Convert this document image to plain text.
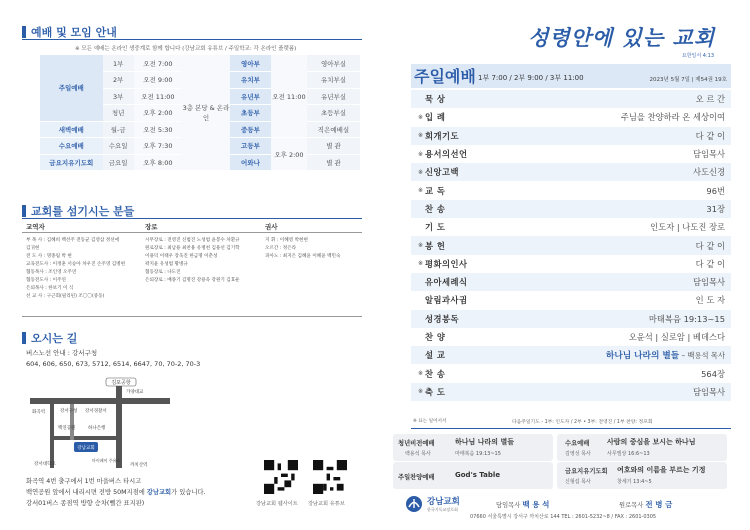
예배 및 모임 안내
※ 모든 예배는 온라인 생중계로 함께 합니다 (강남교회 유튜브 / 주일학교: 각 온라인 플랫폼)
주일예배	1부	오전 7:00	3층 본당 & 온라인	영아부	오전 11:00	영아부실
	2부	오전 9:00		유치부		유치부실
	3부	오전 11:00		유년부		유년부실
	청년	오후 2:00		초등부		초등부실
새벽예배	월-금	오전 5:30		중등부		직은예배실
수요예배	수요일	오후 7:30		고등부	오후 2:00	별 관
금요지유기도회	금요일	오후 8:00		어와나		별 관
교회를 섬기시는 분들
교역자	장로	권사
부 목 사 : 김혜희 백선주 전동균 김영삼 정선애
김귀현
전 도 사 : 명종림 박 현
교육전도사 : 이정훈 서승아 차우진 손주영 김병현
협동목사 : 조인영 오주연
협동전도사 : 이주연
은퇴목사 : 한보기 이 식
선 교 사 : 구근회(필리핀) 조〇〇(중동)
시무장로 : 전영진 신범진 노성범 윤봉수 차환규
원로장로 : 최남용 최찬용 유병천 김용선 김기학
이용덕 이태우 장욱진 한금명 이춘성
곽지윤 유성범 황병규
협동장로 : 나도진
은퇴장로 : 배종기 김명진 강용욱 강원기 김효운
지 휘 : 이혜영 박현현
오르간 : 정은라
피아노 : 최지은 김혜윤 이혜윤 백민숙
오시는 길
버스노선 안내 : 강서구청
604, 606, 650, 673, 5712, 6514, 6647, 70, 70-2, 70-3
김포공항
화곡역	강서구청 강서경찰서
백연공원	하나은행
강서대학교	까치산역
강남교회
마이페이 주유소
가양대교
화곡역 4번 출구에서 1번 마을버스 타시고
백연공원 앞에서 내리시면 전방 50M지점에 강남교회가 있습니다.
강서01버스 종점역 방향 승차(뺄간 표지판)	강남교회 웹사이트 강남교회 유튜브
성령안에 있는 교회
요한일서 4:13
주일예배 1부 7:00 / 2부 9:00 / 3부 11:00	2023년 5월 7일 | 제54권 19호
묵 상	오 르 간
※ 입 례	주님을 찬양하라 온 세상이여
※ 회개기도	다 같 이
※ 용서의선언	담임목사
※ 신앙고백	사도신경
※ 교 독	96번
찬 송	31장
기 도	인도자 | 나도진 장로
※ 봉 헌	다 같 이
※ 평화의인사	다 같 이
유아세례식	담임목사
알림과사귐	인 도 자
성경봉독	마태복음 19:13~15
찬 양	오윤석 | 실로암 | 베데스다
설 교	하나님 나라의 별들 – 백용석 목사
※ 찬 송	564장
※ 축 도	담임목사
※ 표는 일어서서	다음주일기도 - 1부: 인도자 / 2부 • 3부: 전영진 / 1부 찬양: 정포회
청년비전예배
백용석 목사
하나님 나라의 별들
마태복음 19:13~15
수요예배
김영성 목사
사람의 중심을 보시는 하나님
사무엘상 16:6~13
주일찬양예배	God's Table	금요지유기도회
신형섭 목사
여호와의 이름을 부르는 기정
창세기 13:4~5
강남교회
한국기독교장로회
담임목사 백 용 석	원로목사 전 병 금
07660 서울특별시 강서구 까치산로 144 TEL : 2601-5232~8 / FAX : 2601-0305
